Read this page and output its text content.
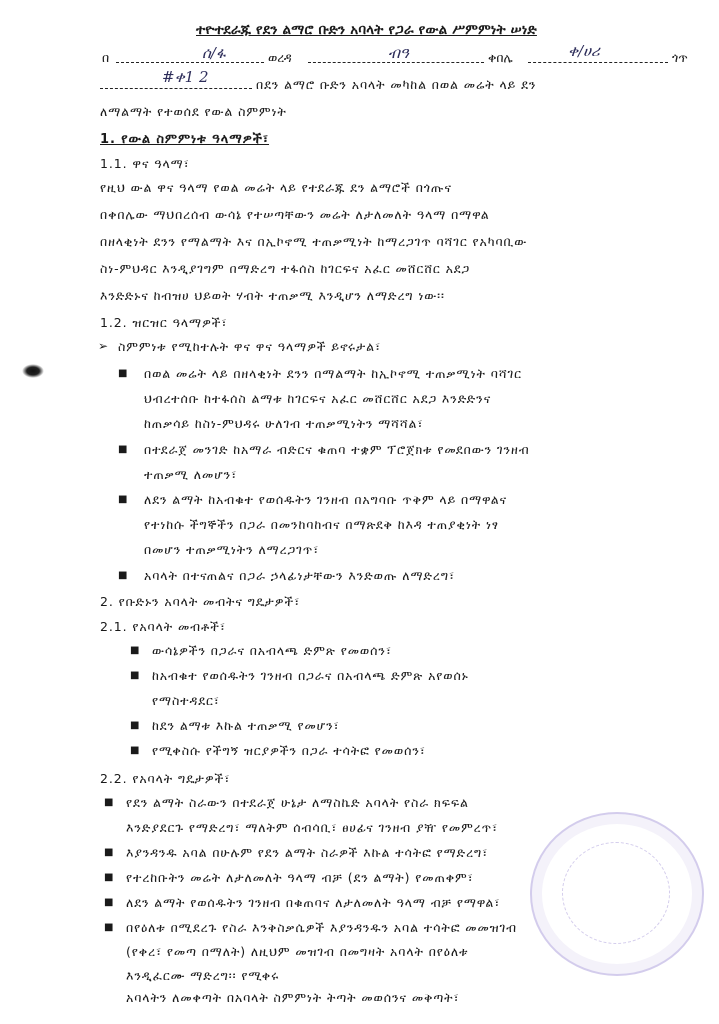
ተዮተደራጁ የደን ልማሮ ቡድን አባላት የጋራ የውል ሥምምነት ሠነድ
በ	ሰ/ፋ	ወረዳ	ብዓ	ቀበሌ	ቀ/ሀሪ	ጎጥ
#ቀ1 2	በደን ልማሮ ቡድን አባላት መካከል በወል መሬት ላይ ደን
ለማልማት የተወሰደ የውል ስምምነት
1. የውል ስምምነቱ ዓላማዎች፣
1.1. ዋና ዓላማ፣
የዚህ ውል ዋና ዓላማ የወል መሬት ላይ የተደራጁ ደን ልማሮች በጎጡና
በቀበሌው ማህበረሰብ ውሳኔ የተሠጣቸውን መሬት ለታለመለት ዓላማ በማዋል
በዘላቂነት ደንን የማልማት እና በኢኮኖሚ ተጠቃሚነት ከማረጋገጥ ባሻገር የአካባቢው
ስነ-ምህዳር እንዲያገግም በማድረግ ተፋሰስ ከገርፍና አፈር መሸርሸር አደጋ
እንድድኑና ከብዝሀ ህይወት ሃብት ተጠቃሚ እንዲሆን ለማድረግ ነው፡፡
1.2. ዝርዝር ዓላማዎች፣
➢ ስምምነቱ የሚከተሉት ዋና ዋና ዓላማዎች ይኖሩታል፣
■ በወል መሬት ላይ በዘላቂነት ደንን በማልማት ከኢኮኖሚ ተጠቃሚነት ባሻገር
ህብረተሰቡ ከተፋሰስ ልማቱ ከገርፍና አፈር መሸርሸር አደጋ እንድድንና
ከጠቃሳይ ከስነ-ምህዳሩ ሁለገብ ተጠቃሚነትን ማሻሻል፣
■ በተደራጀ መንገድ ከአማራ ብድርና ቁጠባ ተቋም ፕሮጀክቱ የመደበውን ገንዘብ
ተጠቃሚ ለመሆን፣
■ ለደን ልማት ከአብቁተ የወሰዱትን ገንዘብ በአግባቡ ጥቅም ላይ በማዋልና
የተነከሱ ችግኞችን በጋራ በመንከባከብና በማጽደቅ ከእዳ ተጠያቂነት ነፃ
በመሆን ተጠቃሚነትን ለማረጋገጥ፣
■ አባላት በተናጠልና በጋራ ኃላፊነታቸውን እንድወጡ ለማድረግ፣
2. የቡድኑን አባላት መብትና ግዴታዎች፣
2.1. የአባላት መብቶች፣
■ ውሳኔዎችን በጋራና በአብላጫ ድምጽ የመወሰን፣
■ ከአብቁተ የወሰዱትን ገንዘብ በጋራና በአብላጫ ድምጽ አየወሰኑ
የማስተዳደር፣
■ ከደን ልማቱ እኩል ተጠቃሚ የመሆን፣
■ የሚቀስሱ የችግኝ ዝርያዎችን በጋራ ተሳትፎ የመወሰን፣
2.2. የአባላት ግዴታዎች፣
■ የደን ልማት ስራውን በተደራጀ ሁኔታ ለማስኬድ አባላት የስራ ክፍፍል
እንድያደርጉ የማድረግ፣ ማለትም ሰብሳቢ፣ ፀሀፊና ገንዘብ ያዥ የመምረጥ፣
■ እያንዳንዱ አባል በሁሉም የደን ልማት ስራዎች እኩል ተሳትፎ የማድረግ፣
■ የተረከቡትን መሬት ለታለመለት ዓላማ ብቻ (ደን ልማት) የመጠቀም፣
■ ለደን ልማት የወሰዱትን ገንዘብ በቁጠባና ለታለመለት ዓላማ ብቻ የማዋል፣
■ በየዕለቱ በሚደረጉ የስራ እንቅስቃሴዎች እያንዳንዱን አባል ተሳትፎ መመዝገብ
(የቀረ፣ የመጣ በማለት) ለዚህም መዝገብ በመግዛት አባላት በየዕለቱ
እንዲፈርሙ ማድረግ፡፡ የሚቀሩ
አባላትን ለመቀጣት በአባላት ስምምነት ትጣት መወሰንና መቅጣት፣
